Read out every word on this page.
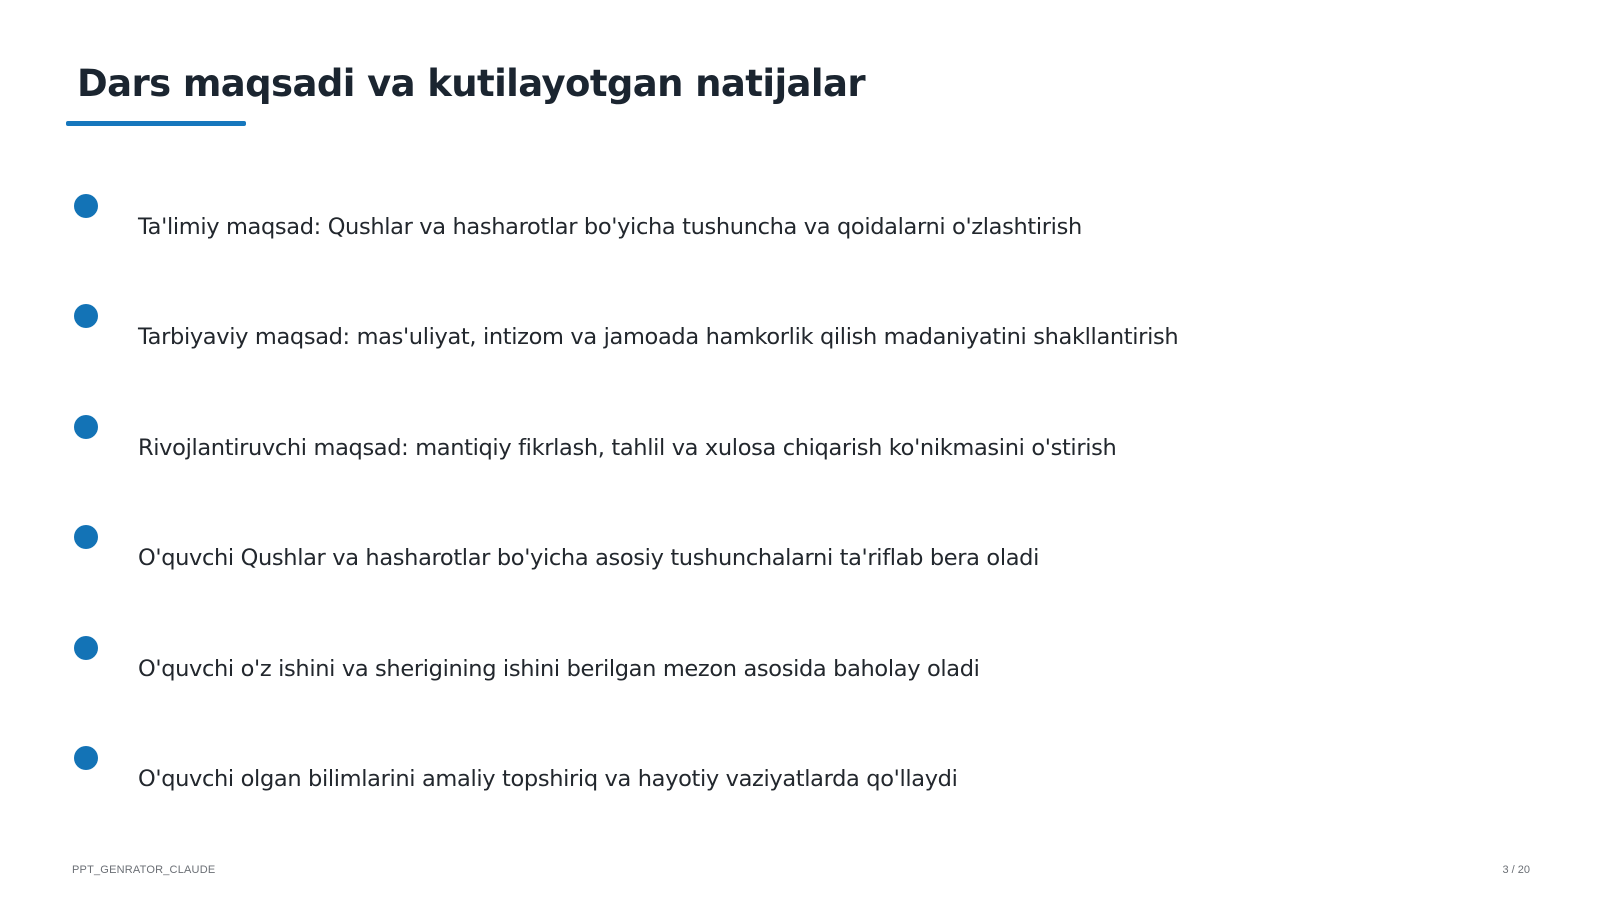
Dars maqsadi va kutilayotgan natijalar
Ta'limiy maqsad: Qushlar va hasharotlar bo'yicha tushuncha va qoidalarni o'zlashtirish
Tarbiyaviy maqsad: mas'uliyat, intizom va jamoada hamkorlik qilish madaniyatini shakllantirish
Rivojlantiruvchi maqsad: mantiqiy fikrlash, tahlil va xulosa chiqarish ko'nikmasini o'stirish
O'quvchi Qushlar va hasharotlar bo'yicha asosiy tushunchalarni ta'riflab bera oladi
O'quvchi o'z ishini va sherigining ishini berilgan mezon asosida baholay oladi
O'quvchi olgan bilimlarini amaliy topshiriq va hayotiy vaziyatlarda qo'llaydi
PPT_GENRATOR_CLAUDE	3 / 20
